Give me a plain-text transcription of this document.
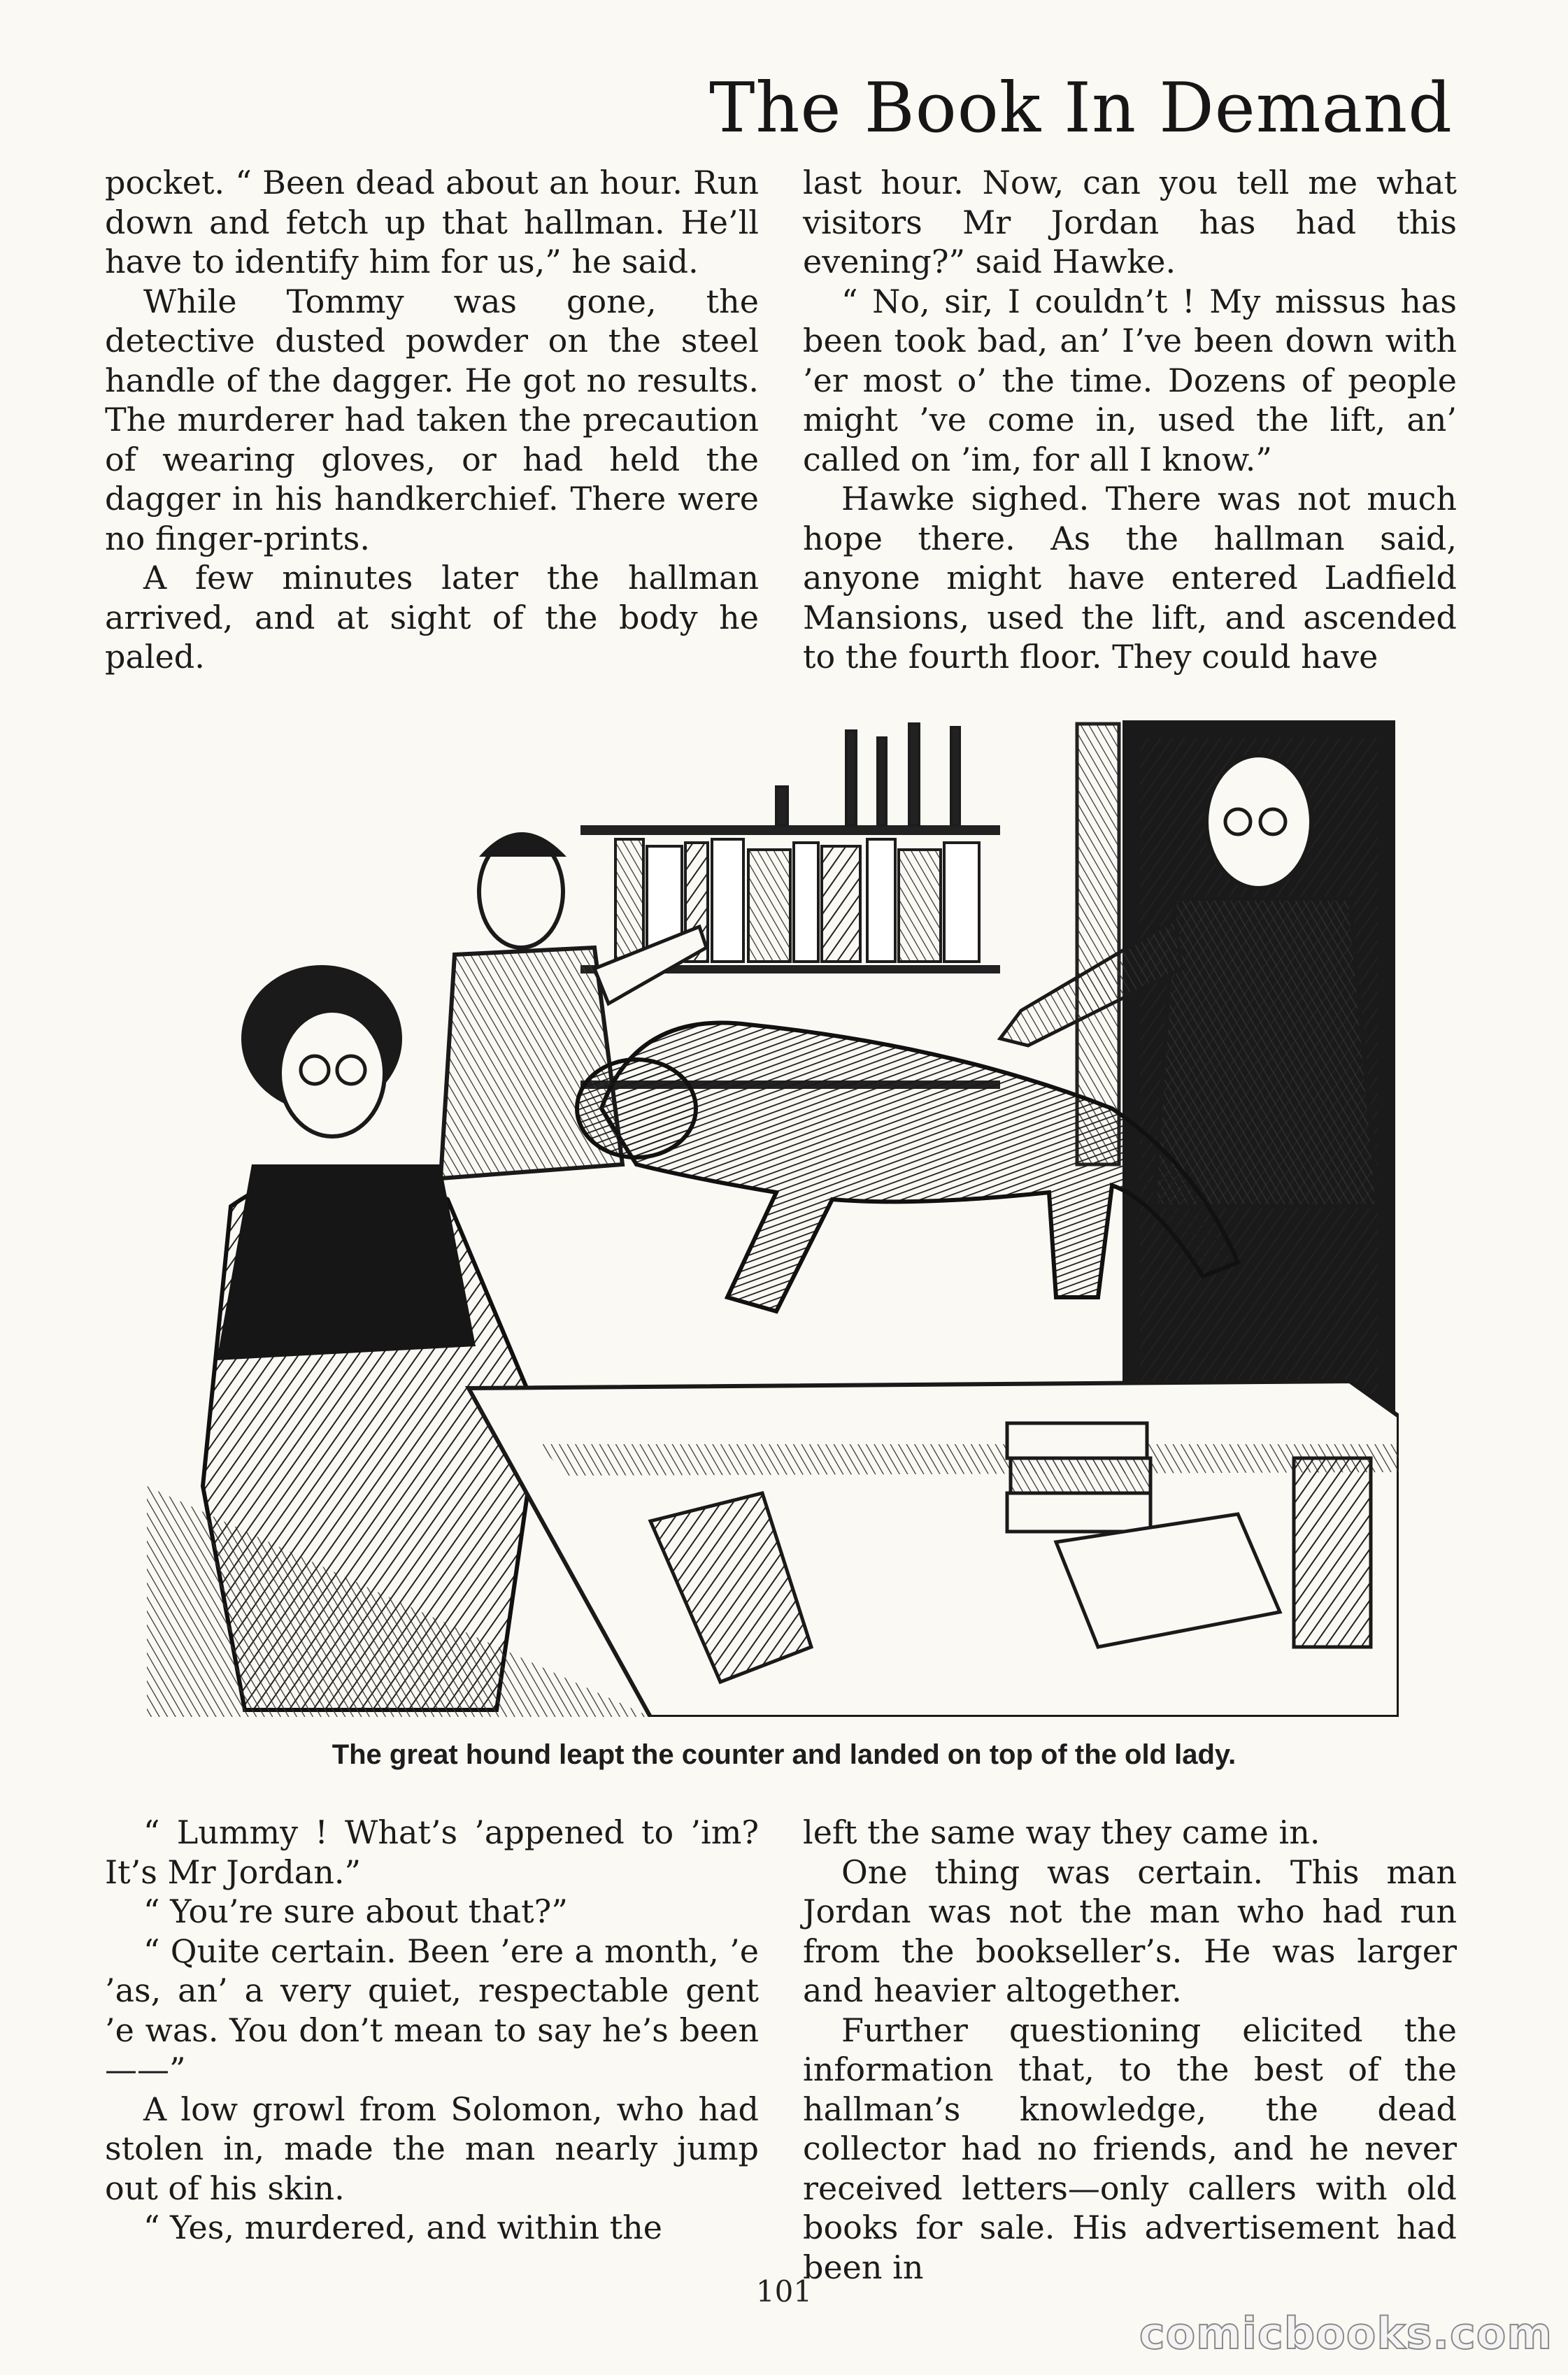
The Book In Demand

pocket. “ Been dead about an hour. Run down and fetch up that hallman. He’ll have to identify him for us,” he said.

While Tommy was gone, the detective dusted powder on the steel handle of the dagger. He got no results. The murderer had taken the precaution of wearing gloves, or had held the dagger in his handkerchief. There were no finger-prints.

A few minutes later the hallman arrived, and at sight of the body he paled.

last hour. Now, can you tell me what visitors Mr Jordan has had this evening?” said Hawke.

“ No, sir, I couldn’t ! My missus has been took bad, an’ I’ve been down with ’er most o’ the time. Dozens of people might ’ve come in, used the lift, an’ called on ’im, for all I know.”

Hawke sighed. There was not much hope there. As the hallman said, anyone might have entered Ladfield Mansions, used the lift, and ascended to the fourth floor. They could have

The great hound leapt the counter and landed on top of the old lady.

“ Lummy ! What’s ’appened to ’im? It’s Mr Jordan.”

“ You’re sure about that?”

“ Quite certain. Been ’ere a month, ’e ’as, an’ a very quiet, respectable gent ’e was. You don’t mean to say he’s been——”

A low growl from Solomon, who had stolen in, made the man nearly jump out of his skin.

“ Yes, murdered, and within the

left the same way they came in.

One thing was certain. This man Jordan was not the man who had run from the bookseller’s. He was larger and heavier altogether.

Further questioning elicited the information that, to the best of the hallman’s knowledge, the dead collector had no friends, and he never received letters—only callers with old books for sale. His advertisement had been in

101
comicbooks.com
